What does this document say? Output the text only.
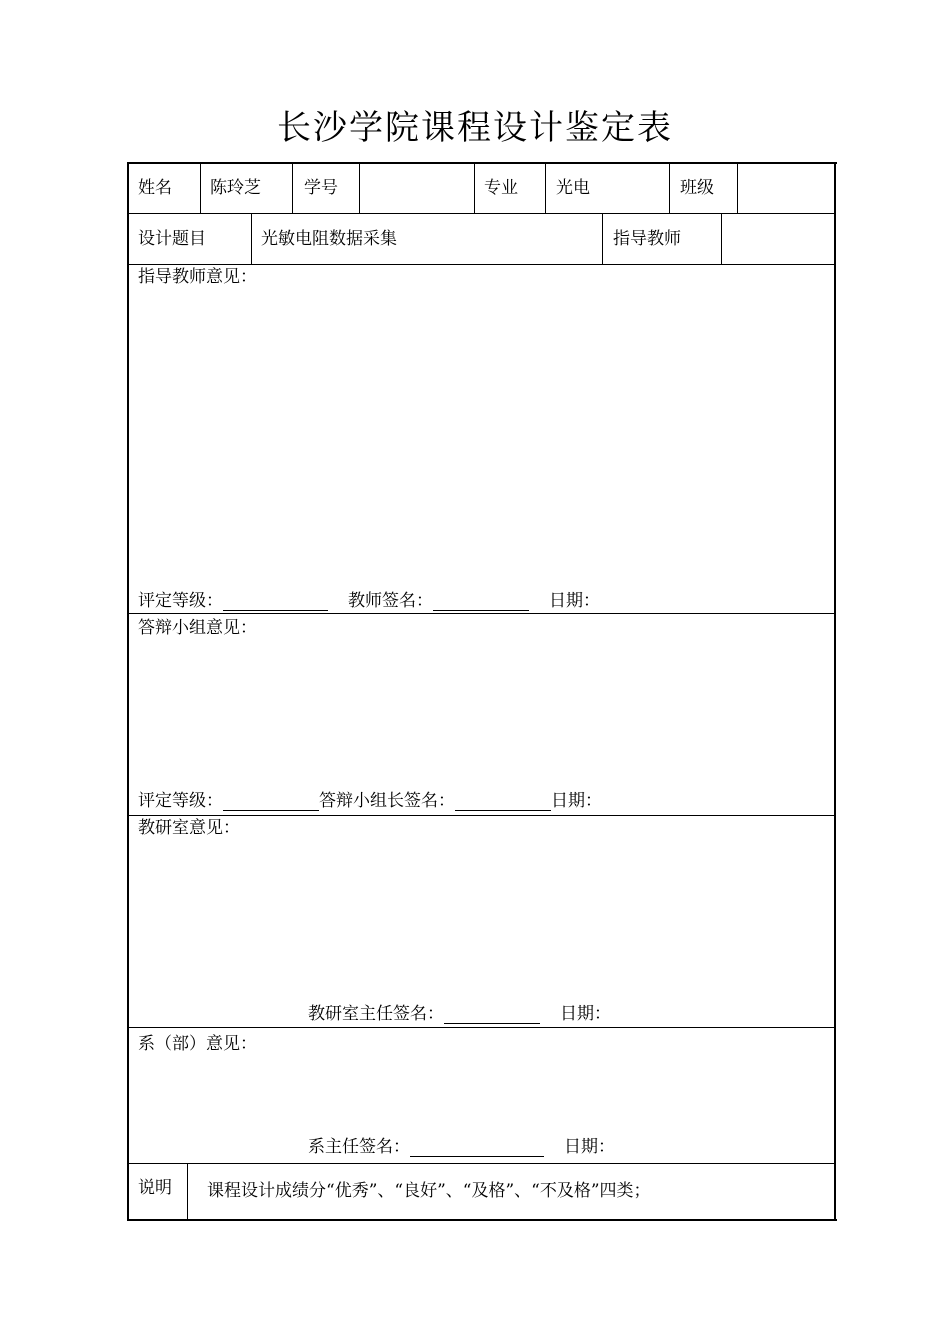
长沙学院课程设计鉴定表
姓名 陈玲芝	学号	专业 光电	班级
设计题目	光敏电阻数据采集	指导教师
指导教师意见：
评定等级：	教师签名：	日期：
答辩小组意见：
评定等级：	答辩小组长签名：	日期：
教研室意见：
教研室主任签名：	日期：
系（部）意见：
系主任签名：	日期：
说明 课程设计成绩分“优秀”、“良好”、“及格”、“不及格”四类；
